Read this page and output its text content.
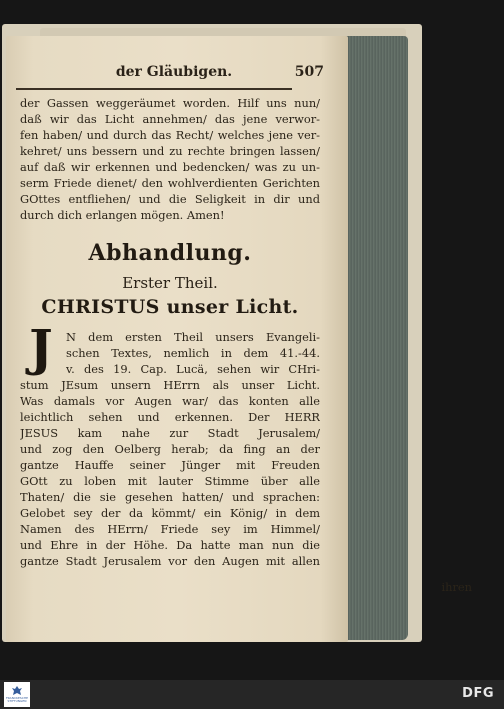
der Gläubigen.	507
der Gassen weggeräumet worden. Hilf uns nun/
daß wir das Licht annehmen/ das jene verwor-
fen haben/ und durch das Recht/ welches jene ver-
kehret/ uns bessern und zu rechte bringen lassen/
auf daß wir erkennen und bedencken/ was zu un-
serm Friede dienet/ den wohlverdienten Gerichten
GOttes entfliehen/ und die Seligkeit in dir und
durch dich erlangen mögen. Amen!
Abhandlung.
Erster Theil.
CHRISTUS unser Licht.
J	N dem ersten Theil unsers Evangeli-
schen Textes, nemlich in dem 41.-44.
v. des 19. Cap. Lucä, sehen wir CHri-
stum JEsum unsern HErrn als unser Licht.
Was damals vor Augen war/ das konten alle
leichtlich sehen und erkennen. Der HERR
JESUS kam nahe zur Stadt Jerusalem/
und zog den Oelberg herab; da fing an der
gantze Hauffe seiner Jünger mit Freuden
GOtt zu loben mit lauter Stimme über alle
Thaten/ die sie gesehen hatten/ und sprachen:
Gelobet sey der da kömmt/ ein König/ in dem
Namen des HErrn/ Friede sey im Himmel/
und Ehre in der Höhe. Da hatte man nun die
gantze Stadt Jerusalem vor den Augen mit allen
ihren
FRANCKESCHE STIFTUNGEN
DFG
